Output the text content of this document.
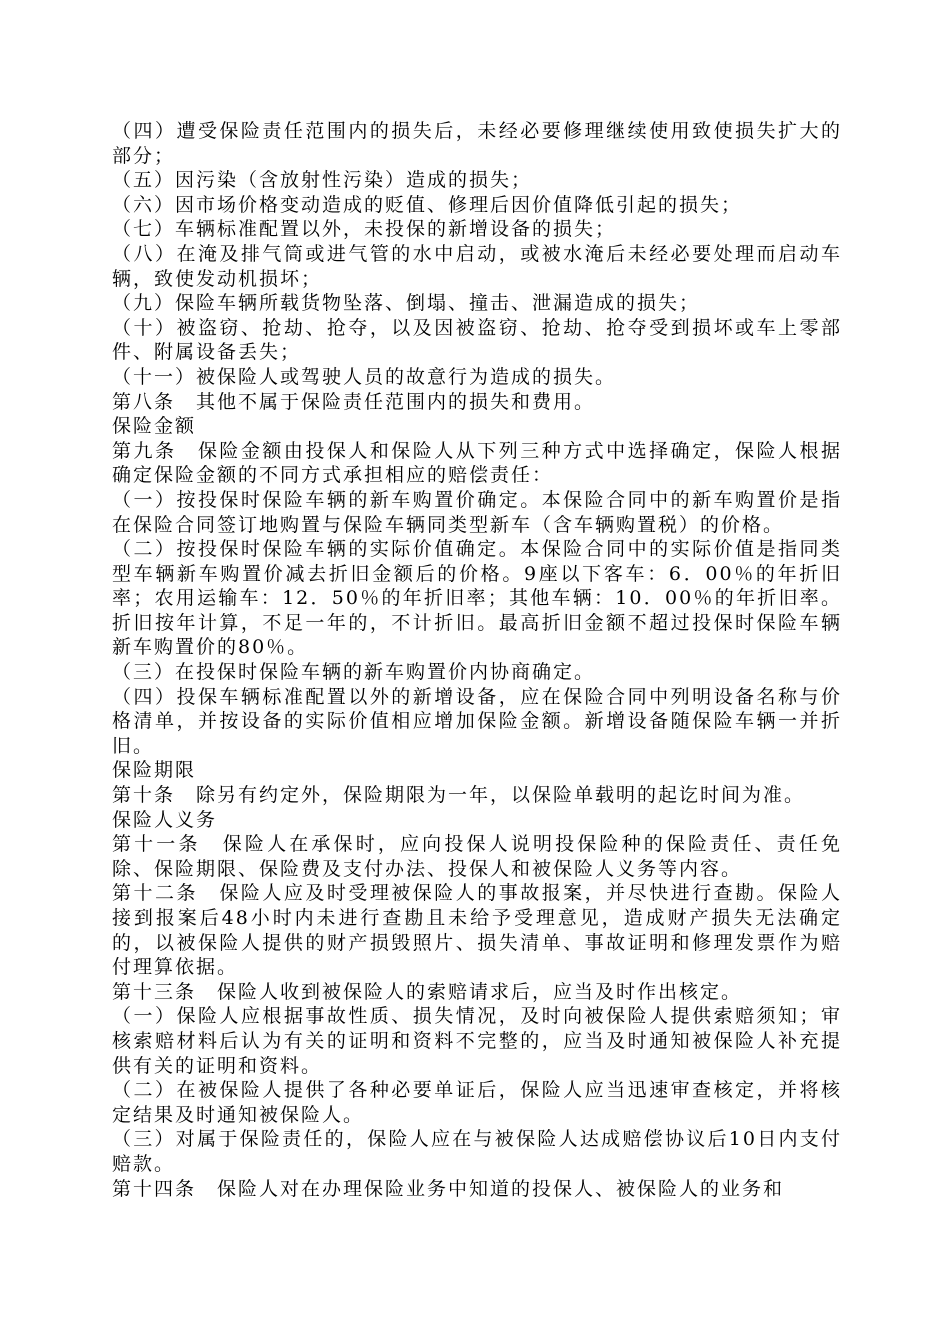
（四）遭受保险责任范围内的损失后，未经必要修理继续使用致使损失扩大的部分；

（五）因污染（含放射性污染）造成的损失；

（六）因市场价格变动造成的贬值、修理后因价值降低引起的损失；

（七）车辆标准配置以外，未投保的新增设备的损失；

（八）在淹及排气筒或进气管的水中启动，或被水淹后未经必要处理而启动车辆，致使发动机损坏；

（九）保险车辆所载货物坠落、倒塌、撞击、泄漏造成的损失；

（十）被盗窃、抢劫、抢夺，以及因被盗窃、抢劫、抢夺受到损坏或车上零部件、附属设备丢失；

（十一）被保险人或驾驶人员的故意行为造成的损失。

第八条　其他不属于保险责任范围内的损失和费用。

保险金额

第九条　保险金额由投保人和保险人从下列三种方式中选择确定，保险人根据确定保险金额的不同方式承担相应的赔偿责任：

（一）按投保时保险车辆的新车购置价确定。本保险合同中的新车购置价是指在保险合同签订地购置与保险车辆同类型新车（含车辆购置税）的价格。

（二）按投保时保险车辆的实际价值确定。本保险合同中的实际价值是指同类型车辆新车购置价减去折旧金额后的价格。9座以下客车：6．00％的年折旧率；农用运输车：12．50％的年折旧率；其他车辆：10．00％的年折旧率。折旧按年计算，不足一年的，不计折旧。最高折旧金额不超过投保时保险车辆新车购置价的80％。

（三）在投保时保险车辆的新车购置价内协商确定。

（四）投保车辆标准配置以外的新增设备，应在保险合同中列明设备名称与价格清单，并按设备的实际价值相应增加保险金额。新增设备随保险车辆一并折旧。

保险期限

第十条　除另有约定外，保险期限为一年，以保险单载明的起讫时间为准。

保险人义务

第十一条　保险人在承保时，应向投保人说明投保险种的保险责任、责任免除、保险期限、保险费及支付办法、投保人和被保险人义务等内容。

第十二条　保险人应及时受理被保险人的事故报案，并尽快进行查勘。保险人接到报案后48小时内未进行查勘且未给予受理意见，造成财产损失无法确定的，以被保险人提供的财产损毁照片、损失清单、事故证明和修理发票作为赔付理算依据。

第十三条　保险人收到被保险人的索赔请求后，应当及时作出核定。

（一）保险人应根据事故性质、损失情况，及时向被保险人提供索赔须知；审核索赔材料后认为有关的证明和资料不完整的，应当及时通知被保险人补充提供有关的证明和资料。

（二）在被保险人提供了各种必要单证后，保险人应当迅速审查核定，并将核定结果及时通知被保险人。

（三）对属于保险责任的，保险人应在与被保险人达成赔偿协议后10日内支付赔款。

第十四条　保险人对在办理保险业务中知道的投保人、被保险人的业务和
